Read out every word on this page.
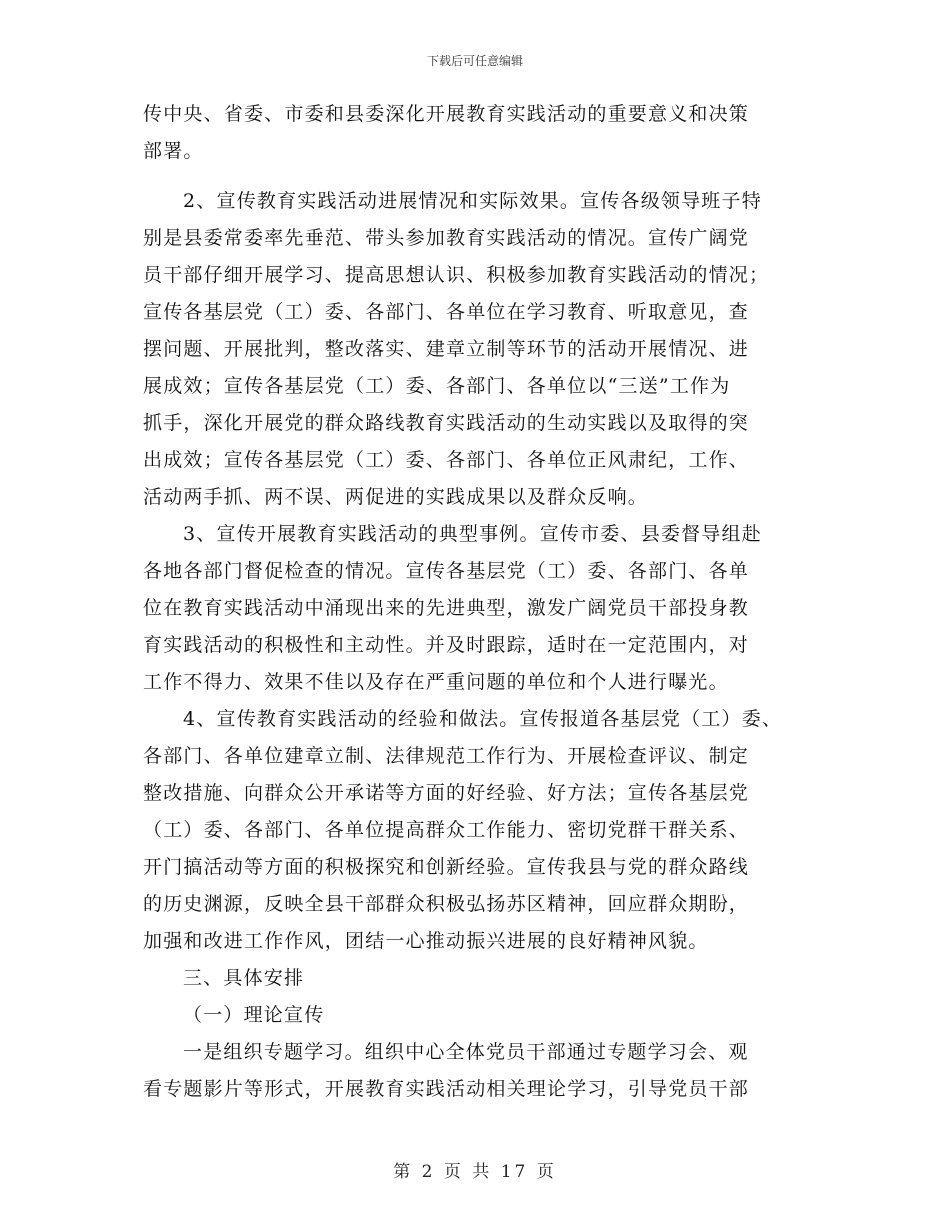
下载后可任意编辑
传中央、省委、市委和县委深化开展教育实践活动的重要意义和决策
部署。
2、宣传教育实践活动进展情况和实际效果。宣传各级领导班子特
别是县委常委率先垂范、带头参加教育实践活动的情况。宣传广阔党
员干部仔细开展学习、提高思想认识、积极参加教育实践活动的情况；
宣传各基层党（工）委、各部门、各单位在学习教育、听取意见，查
摆问题、开展批判，整改落实、建章立制等环节的活动开展情况、进
展成效；宣传各基层党（工）委、各部门、各单位以“三送”工作为
抓手，深化开展党的群众路线教育实践活动的生动实践以及取得的突
出成效；宣传各基层党（工）委、各部门、各单位正风肃纪，工作、
活动两手抓、两不误、两促进的实践成果以及群众反响。
3、宣传开展教育实践活动的典型事例。宣传市委、县委督导组赴
各地各部门督促检查的情况。宣传各基层党（工）委、各部门、各单
位在教育实践活动中涌现出来的先进典型，激发广阔党员干部投身教
育实践活动的积极性和主动性。并及时跟踪，适时在一定范围内，对
工作不得力、效果不佳以及存在严重问题的单位和个人进行曝光。
4、宣传教育实践活动的经验和做法。宣传报道各基层党（工）委、
各部门、各单位建章立制、法律规范工作行为、开展检查评议、制定
整改措施、向群众公开承诺等方面的好经验、好方法；宣传各基层党
（工）委、各部门、各单位提高群众工作能力、密切党群干群关系、
开门搞活动等方面的积极探究和创新经验。宣传我县与党的群众路线
的历史渊源，反映全县干部群众积极弘扬苏区精神，回应群众期盼，
加强和改进工作作风，团结一心推动振兴进展的良好精神风貌。
三、具体安排
（一）理论宣传
一是组织专题学习。组织中心全体党员干部通过专题学习会、观
看专题影片等形式，开展教育实践活动相关理论学习，引导党员干部
第 2 页 共 17 页
